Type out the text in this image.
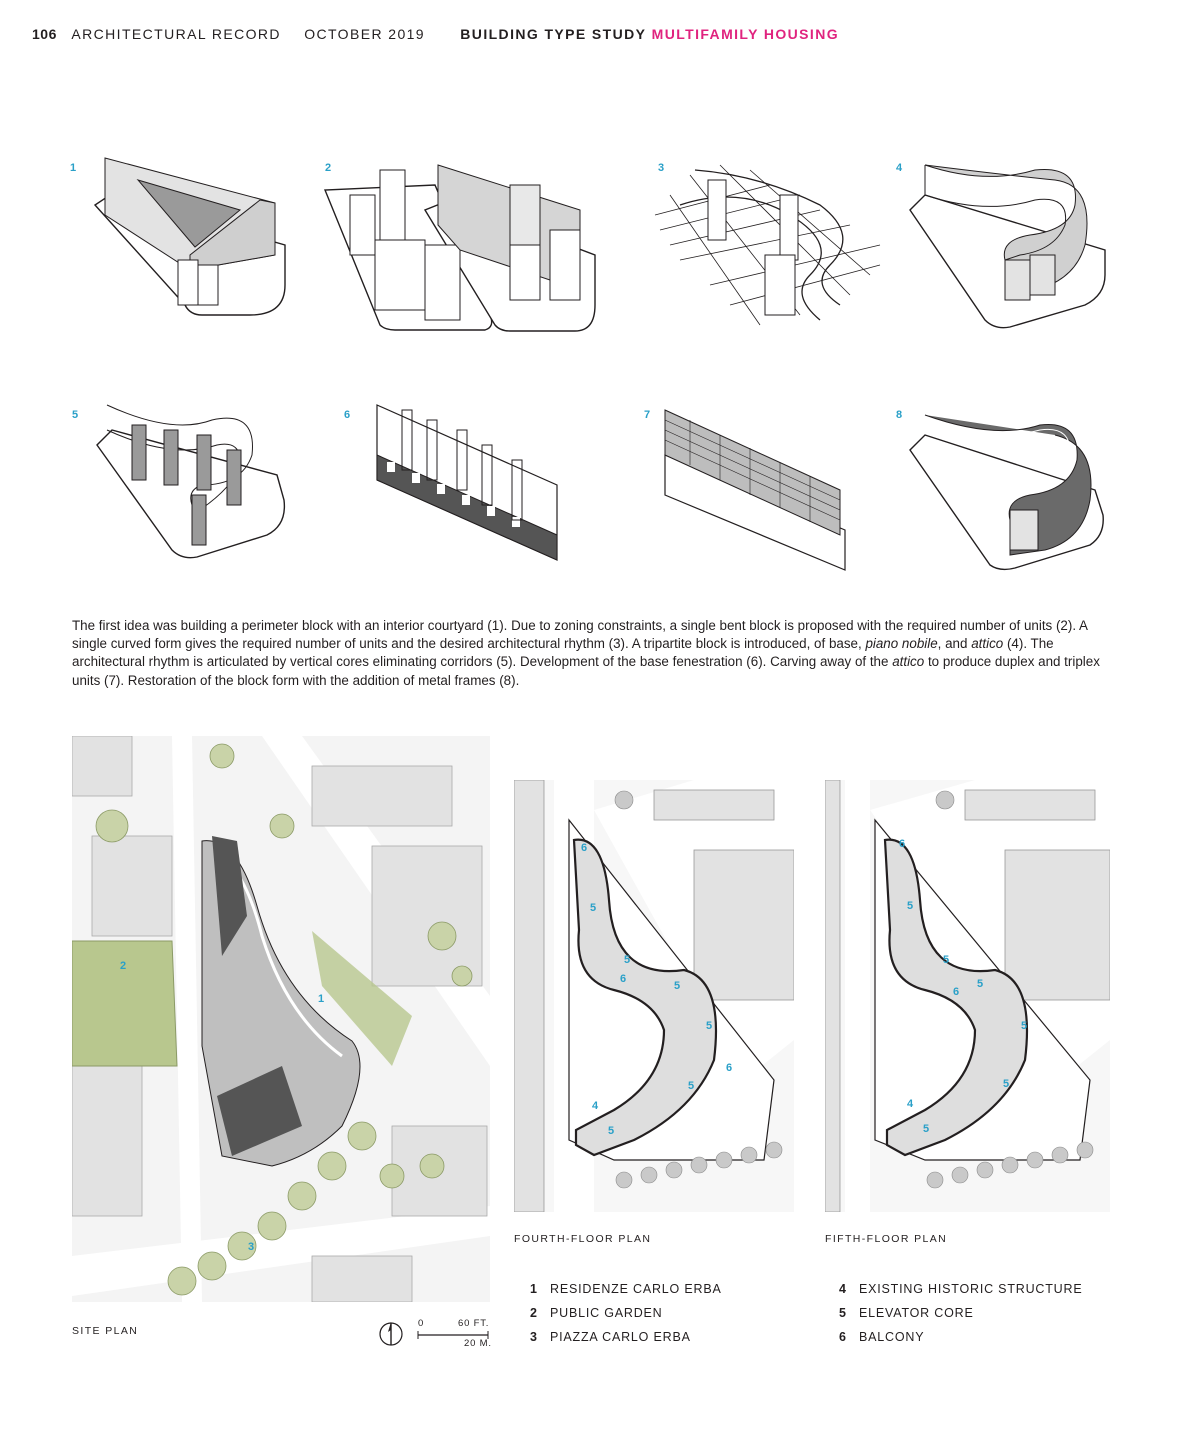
106 ARCHITECTURAL RECORD OCTOBER 2019	BUILDING TYPE STUDY MULTIFAMILY HOUSING
1	2	3	4
5	6	7	8
The first idea was building a perimeter block with an interior courtyard (1). Due to zoning constraints, a single bent block is proposed with the required number of units (2). A single curved form gives the required number of units and the desired architectural rhythm (3). A tripartite block is introduced, of base, piano nobile, and attico (4). The architectural rhythm is articulated by vertical cores eliminating corridors (5). Development of the base fenestration (6). Carving away of the attico to produce duplex and triplex units (7). Restoration of the block form with the addition of metal frames (8).
1
2
3
SITE PLAN
0	60 FT.
20 M.
6
5
5
6
5
5
6
5
4
5
FOURTH-FLOOR PLAN
6
5
5
6
5
5
5
4
5
FIFTH-FLOOR PLAN
1 RESIDENZE CARLO ERBA
2 PUBLIC GARDEN
3 PIAZZA CARLO ERBA
4 EXISTING HISTORIC STRUCTURE
5 ELEVATOR CORE
6 BALCONY
